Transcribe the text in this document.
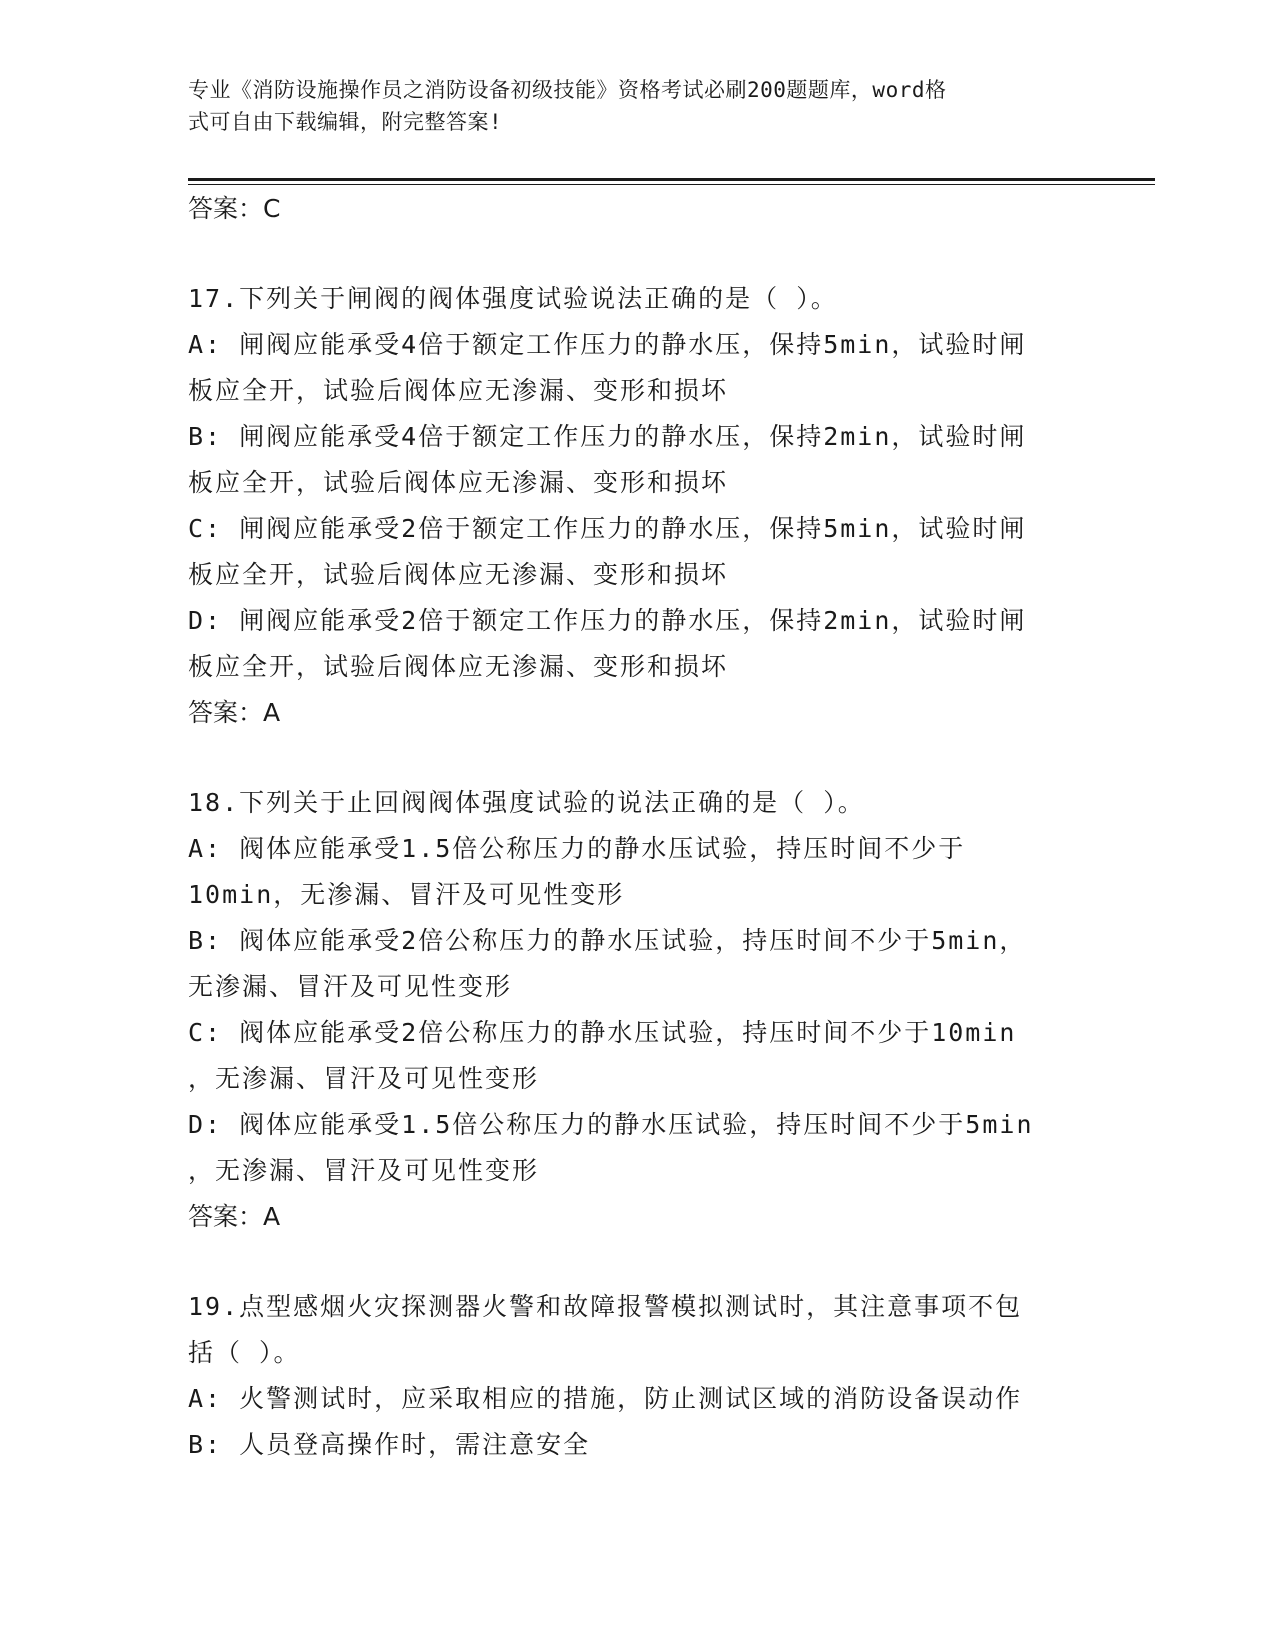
专业《消防设施操作员之消防设备初级技能》资格考试必刷200题题库，word格
式可自由下载编辑，附完整答案!
答案：C
17.下列关于闸阀的阀体强度试验说法正确的是（ ）。
A: 闸阀应能承受4倍于额定工作压力的静水压，保持5min，试验时闸
板应全开，试验后阀体应无渗漏、变形和损坏
B: 闸阀应能承受4倍于额定工作压力的静水压，保持2min，试验时闸
板应全开，试验后阀体应无渗漏、变形和损坏
C: 闸阀应能承受2倍于额定工作压力的静水压，保持5min，试验时闸
板应全开，试验后阀体应无渗漏、变形和损坏
D: 闸阀应能承受2倍于额定工作压力的静水压，保持2min，试验时闸
板应全开，试验后阀体应无渗漏、变形和损坏
答案：A
18.下列关于止回阀阀体强度试验的说法正确的是（ ）。
A: 阀体应能承受1.5倍公称压力的静水压试验，持压时间不少于
10min，无渗漏、冒汗及可见性变形
B: 阀体应能承受2倍公称压力的静水压试验，持压时间不少于5min，
无渗漏、冒汗及可见性变形
C: 阀体应能承受2倍公称压力的静水压试验，持压时间不少于10min
，无渗漏、冒汗及可见性变形
D: 阀体应能承受1.5倍公称压力的静水压试验，持压时间不少于5min
，无渗漏、冒汗及可见性变形
答案：A
19.点型感烟火灾探测器火警和故障报警模拟测试时，其注意事项不包
括（ ）。
A: 火警测试时，应采取相应的措施，防止测试区域的消防设备误动作
B: 人员登高操作时，需注意安全
